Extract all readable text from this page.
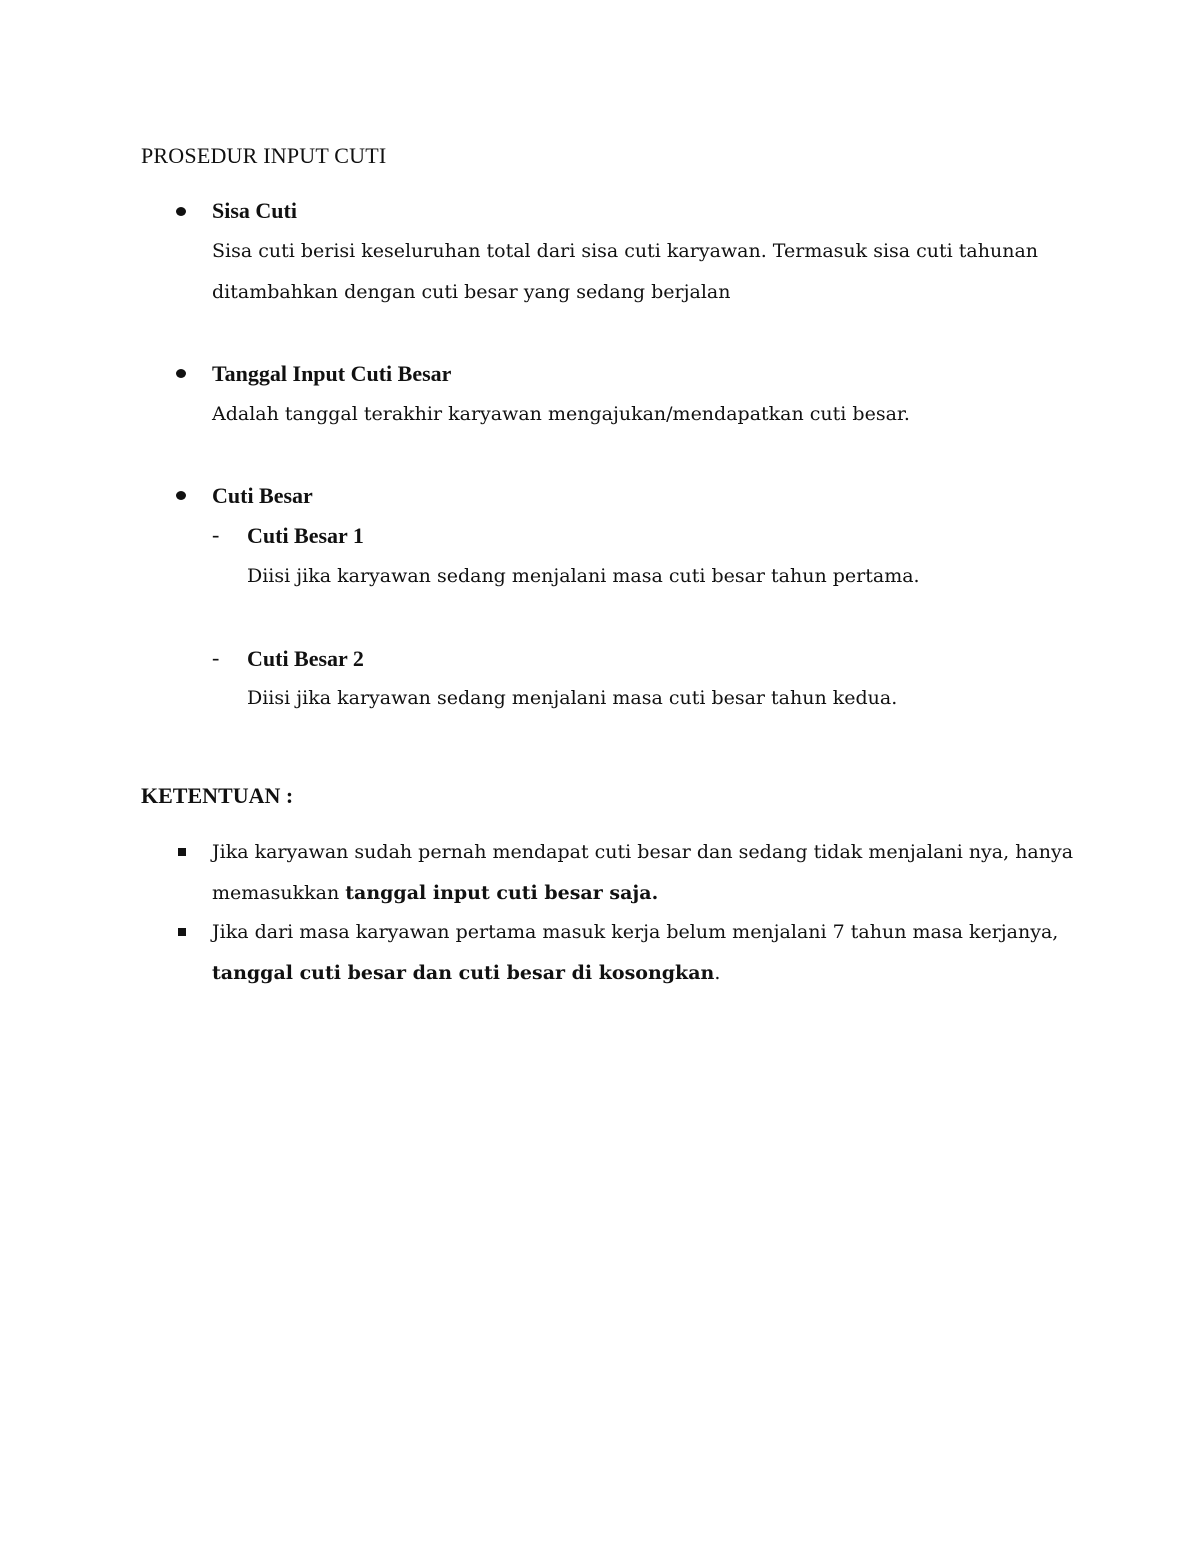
PROSEDUR INPUT CUTI
Sisa Cuti
Sisa cuti berisi keseluruhan total dari sisa cuti karyawan. Termasuk sisa cuti tahunan
ditambahkan dengan cuti besar yang sedang berjalan
Tanggal Input Cuti Besar
Adalah tanggal terakhir karyawan mengajukan/mendapatkan cuti besar.
Cuti Besar
- Cuti Besar 1
Diisi jika karyawan sedang menjalani masa cuti besar tahun pertama.
- Cuti Besar 2
Diisi jika karyawan sedang menjalani masa cuti besar tahun kedua.
KETENTUAN :
Jika karyawan sudah pernah mendapat cuti besar dan sedang tidak menjalani nya, hanya
memasukkan tanggal input cuti besar saja.
Jika dari masa karyawan pertama masuk kerja belum menjalani 7 tahun masa kerjanya,
tanggal cuti besar dan cuti besar di kosongkan.
